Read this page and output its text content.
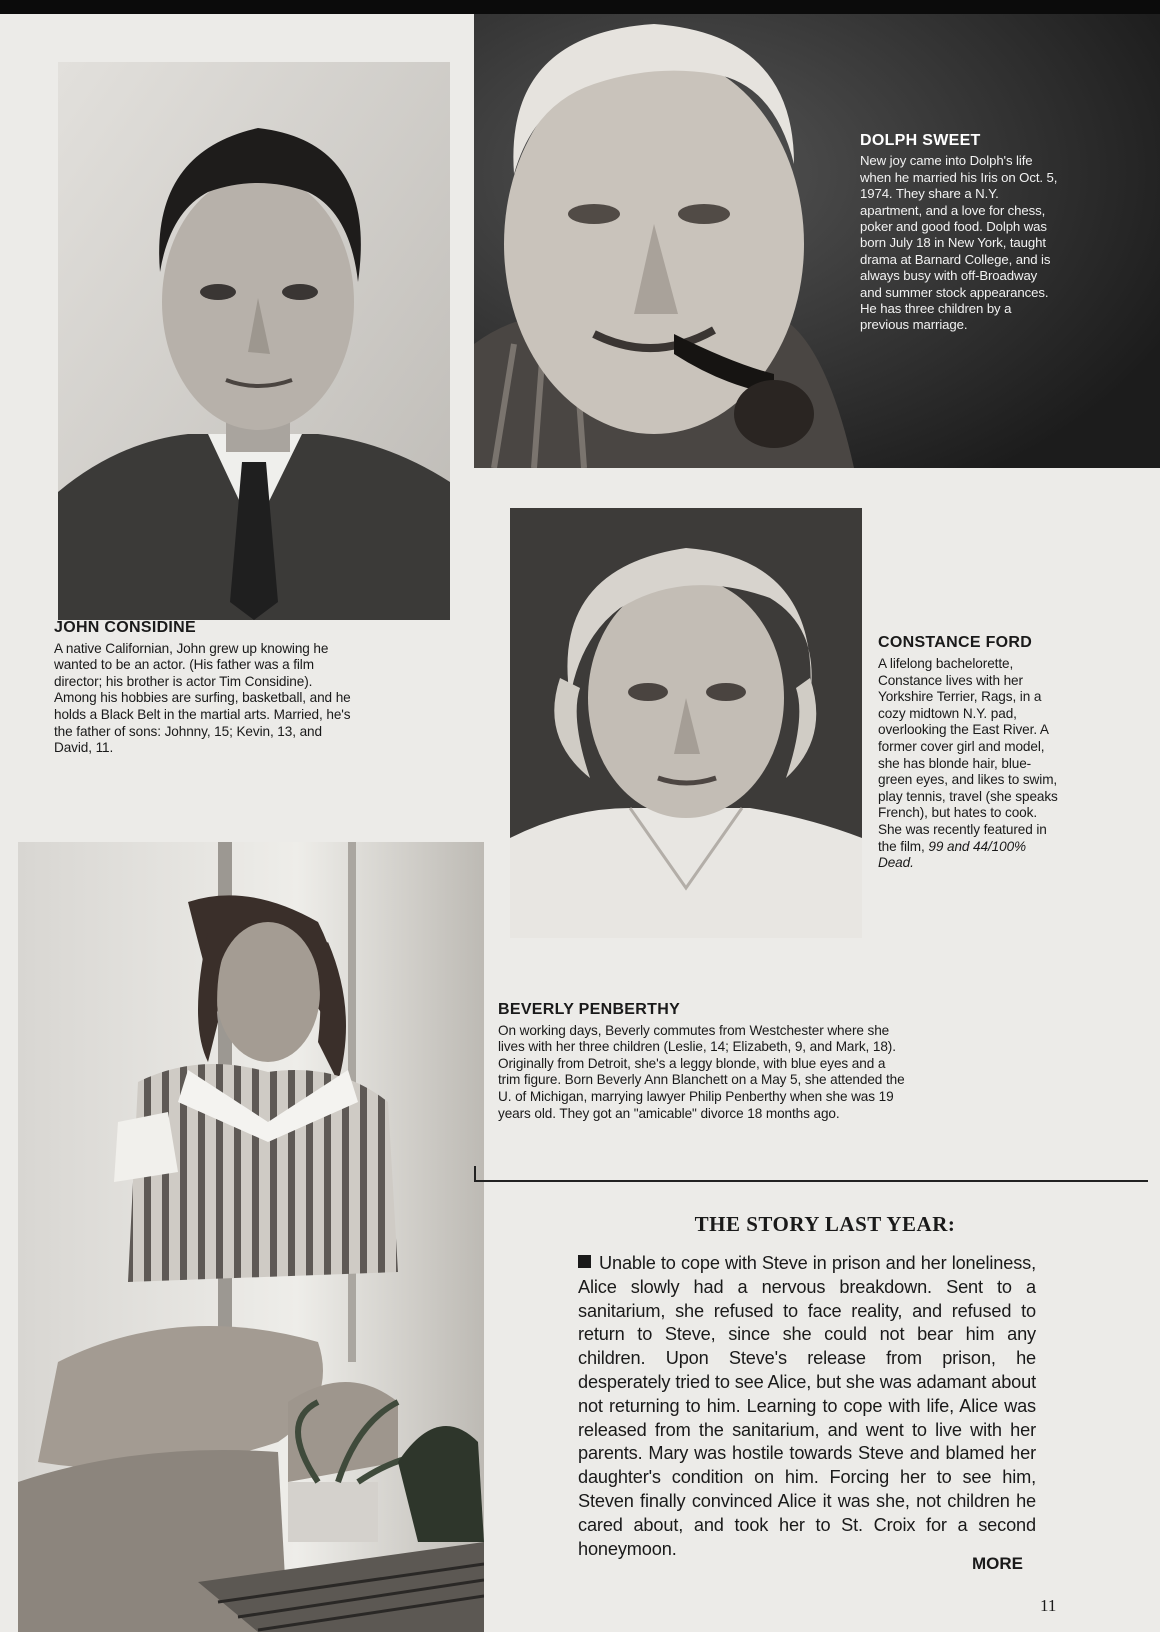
JOHN CONSIDINE
A native Californian, John grew up knowing he wanted to be an actor. (His father was a film director; his brother is actor Tim Considine). Among his hobbies are surfing, basketball, and he holds a Black Belt in the martial arts. Married, he's the father of sons: Johnny, 15; Kevin, 13, and David, 11.
DOLPH SWEET
New joy came into Dolph's life when he married his Iris on Oct. 5, 1974. They share a N.Y. apartment, and a love for chess, poker and good food. Dolph was born July 18 in New York, taught drama at Barnard College, and is always busy with off-Broadway and summer stock appearances. He has three children by a previous marriage.
CONSTANCE FORD
A lifelong bachelorette, Constance lives with her Yorkshire Terrier, Rags, in a cozy midtown N.Y. pad, overlooking the East River. A former cover girl and model, she has blonde hair, blue-green eyes, and likes to swim, play tennis, travel (she speaks French), but hates to cook. She was recently featured in the film, 99 and 44/100% Dead.
BEVERLY PENBERTHY
On working days, Beverly commutes from Westchester where she lives with her three children (Leslie, 14; Elizabeth, 9, and Mark, 18). Originally from Detroit, she's a leggy blonde, with blue eyes and a trim figure. Born Beverly Ann Blanchett on a May 5, she attended the U. of Michigan, marrying lawyer Philip Penberthy when she was 19 years old. They got an "amicable" divorce 18 months ago.
THE STORY LAST YEAR:
Unable to cope with Steve in prison and her loneliness, Alice slowly had a nervous breakdown. Sent to a sanitarium, she refused to face reality, and refused to return to Steve, since she could not bear him any children. Upon Steve's release from prison, he desperately tried to see Alice, but she was adamant about not returning to him. Learning to cope with life, Alice was released from the sanitarium, and went to live with her parents. Mary was hostile towards Steve and blamed her daughter's condition on him. Forcing her to see him, Steven finally convinced Alice it was she, not children he cared about, and took her to St. Croix for a second honeymoon.
MORE
11
